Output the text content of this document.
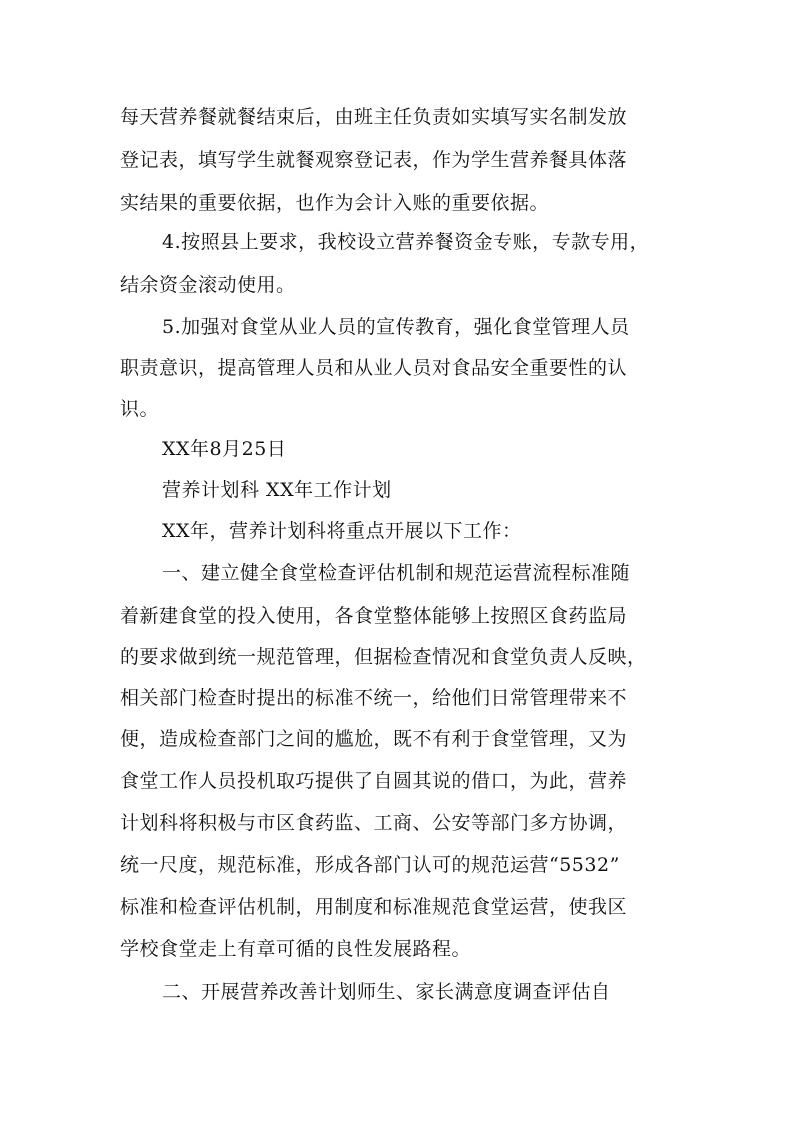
每天营养餐就餐结束后，由班主任负责如实填写实名制发放
登记表，填写学生就餐观察登记表，作为学生营养餐具体落
实结果的重要依据，也作为会计入账的重要依据。
4.按照县上要求，我校设立营养餐资金专账，专款专用，
结余资金滚动使用。
5.加强对食堂从业人员的宣传教育，强化食堂管理人员
职责意识，提高管理人员和从业人员对食品安全重要性的认
识。
XX年8月25日
营养计划科 XX年工作计划
XX年，营养计划科将重点开展以下工作：
一、建立健全食堂检查评估机制和规范运营流程标准随
着新建食堂的投入使用，各食堂整体能够上按照区食药监局
的要求做到统一规范管理，但据检查情况和食堂负责人反映，
相关部门检查时提出的标准不统一，给他们日常管理带来不
便，造成检查部门之间的尴尬，既不有利于食堂管理，又为
食堂工作人员投机取巧提供了自圆其说的借口，为此，营养
计划科将积极与市区食药监、工商、公安等部门多方协调，
统一尺度，规范标准，形成各部门认可的规范运营“5532”
标准和检查评估机制，用制度和标准规范食堂运营，使我区
学校食堂走上有章可循的良性发展路程。
二、开展营养改善计划师生、家长满意度调查评估自
